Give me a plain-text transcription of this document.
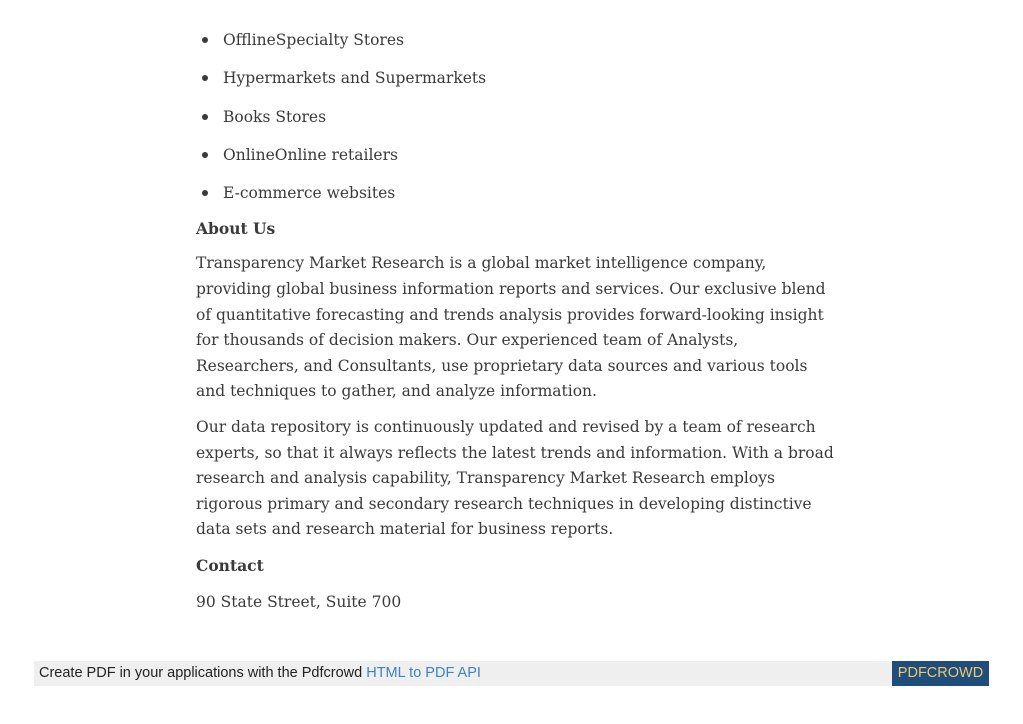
OfflineSpecialty Stores
Hypermarkets and Supermarkets
Books Stores
OnlineOnline retailers
E-commerce websites
About Us

Transparency Market Research is a global market intelligence company, providing global business information reports and services. Our exclusive blend of quantitative forecasting and trends analysis provides forward-looking insight for thousands of decision makers. Our experienced team of Analysts, Researchers, and Consultants, use proprietary data sources and various tools and techniques to gather, and analyze information.

Our data repository is continuously updated and revised by a team of research experts, so that it always reflects the latest trends and information. With a broad research and analysis capability, Transparency Market Research employs rigorous primary and secondary research techniques in developing distinctive data sets and research material for business reports.

Contact
90 State Street, Suite 700
Create PDF in your applications with the Pdfcrowd HTML to PDF API	PDFCROWD
